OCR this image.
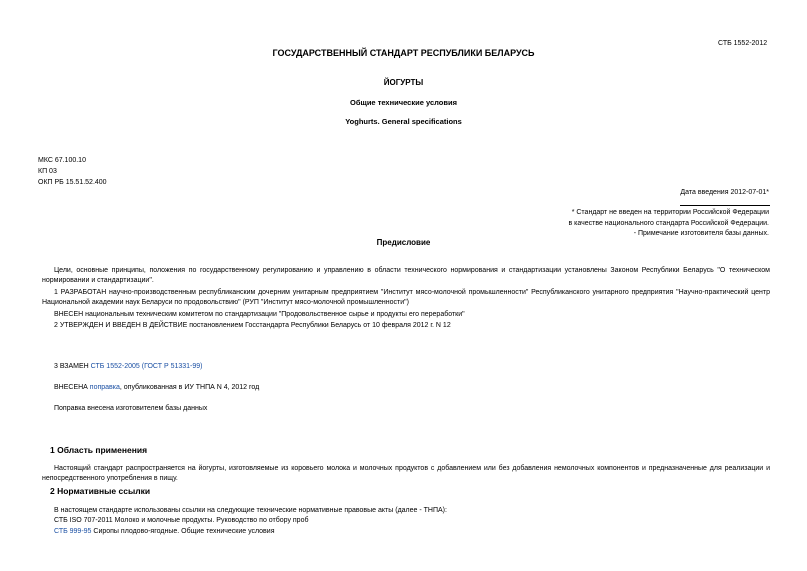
СТБ 1552-2012
ГОСУДАРСТВЕННЫЙ СТАНДАРТ РЕСПУБЛИКИ БЕЛАРУСЬ
ЙОГУРТЫ
Общие технические условия
Yoghurts. General specifications
МКС 67.100.10
КП 03
ОКП РБ 15.51.52.400
Дата введения 2012-07-01*
* Стандарт не введен на территории Российской Федерации
в качестве национального стандарта Российской Федерации.
- Примечание изготовителя базы данных.
Предисловие
Цели, основные принципы, положения по государственному регулированию и управлению в области технического нормирования и стандартизации установлены Законом Республики Беларусь "О техническом нормировании и стандартизации".
1 РАЗРАБОТАН научно-производственным республиканским дочерним унитарным предприятием "Институт мясо-молочной промышленности" Республиканского унитарного предприятия "Научно-практический центр Национальной академии наук Беларуси по продовольствию" (РУП "Институт мясо-молочной промышленности")
ВНЕСЕН национальным техническим комитетом по стандартизации "Продовольственное сырье и продукты его переработки"
2 УТВЕРЖДЕН И ВВЕДЕН В ДЕЙСТВИЕ постановлением Госстандарта Республики Беларусь от 10 февраля 2012 г. N 12
3 ВЗАМЕН СТБ 1552-2005 (ГОСТ Р 51331-99)
ВНЕСЕНА поправка, опубликованная в ИУ ТНПА N 4, 2012 год
Поправка внесена изготовителем базы данных
1 Область применения
Настоящий стандарт распространяется на йогурты, изготовляемые из коровьего молока и молочных продуктов с добавлением или без добавления немолочных компонентов и предназначенные для реализации и непосредственного употребления в пищу.
2 Нормативные ссылки
В настоящем стандарте использованы ссылки на следующие технические нормативные правовые акты (далее - ТНПА):
СТБ ISO 707-2011 Молоко и молочные продукты. Руководство по отбору проб
СТБ 999-95 Сиропы плодово-ягодные. Общие технические условия
